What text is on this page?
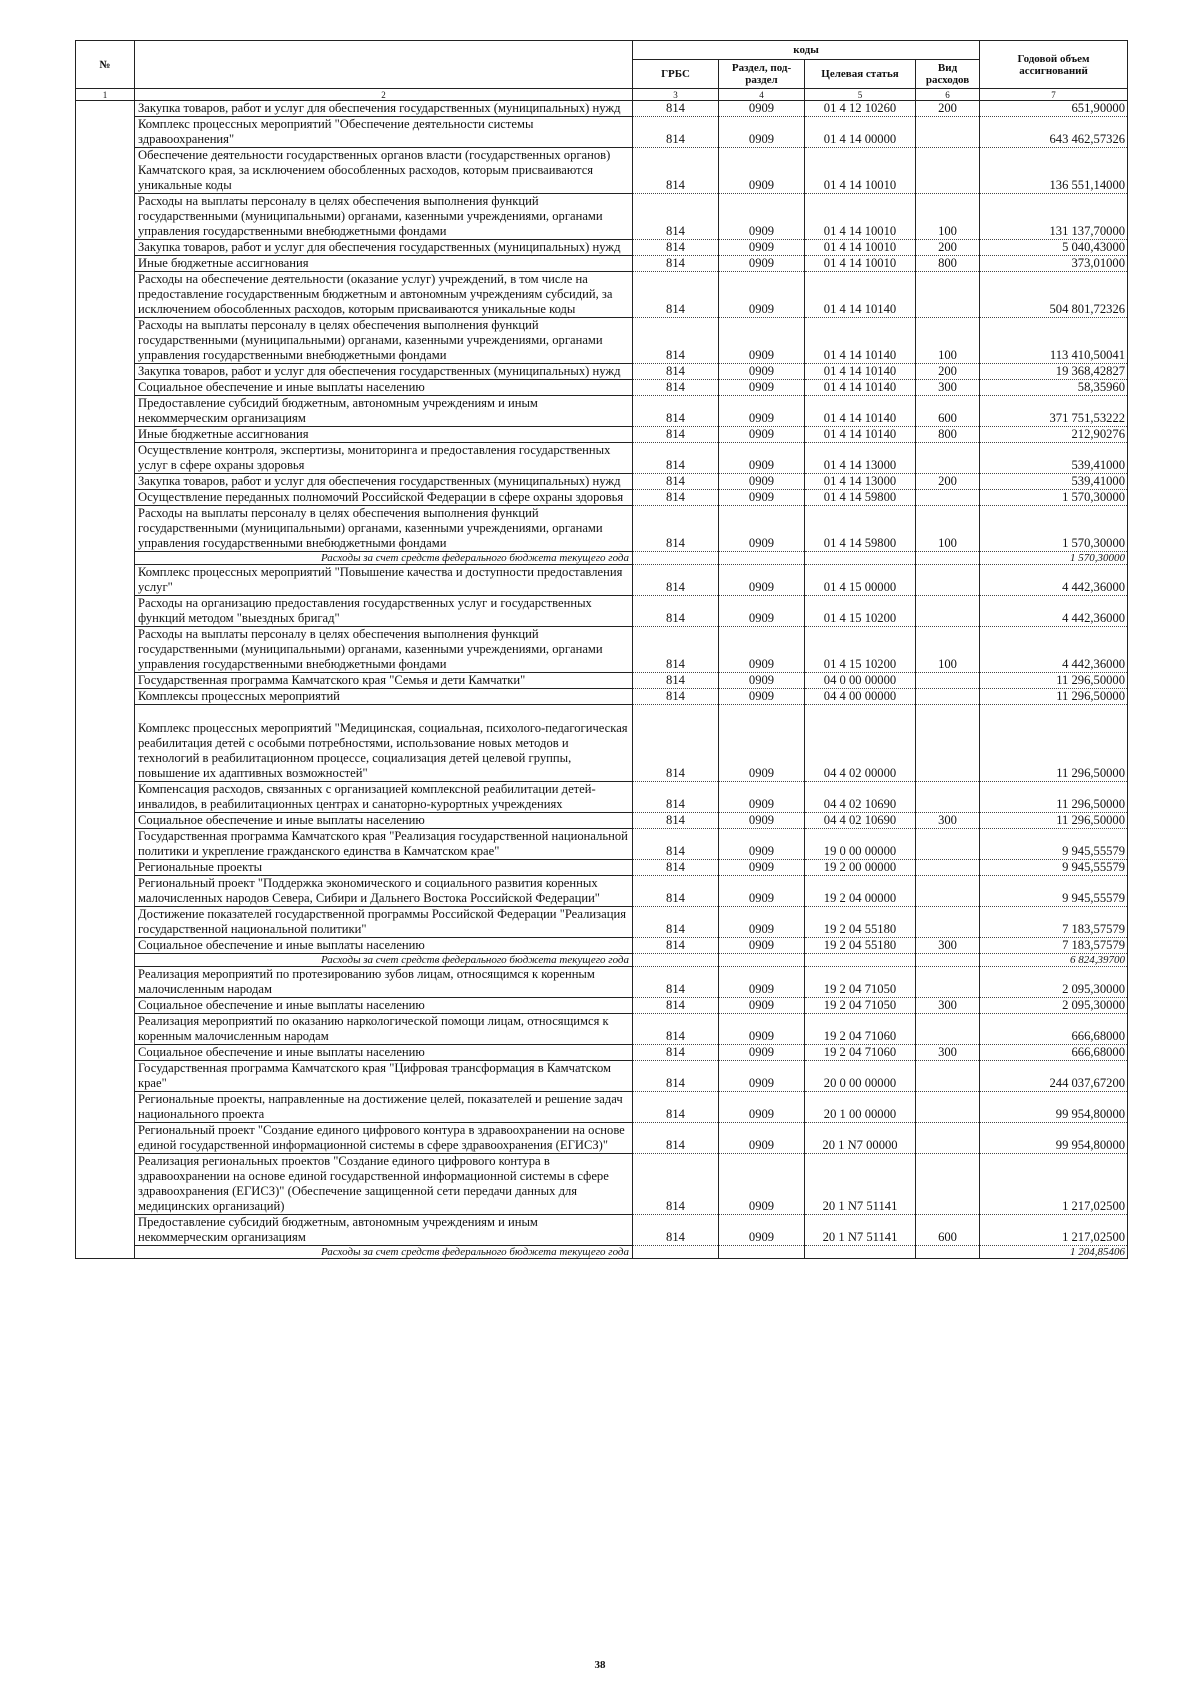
№		коды				Годовой объем ассигнований
		ГРБС	Раздел, под- раздел	Целевая статья	Вид расходов	
1	2	3	4	5	6	7
	Закупка товаров, работ и услуг для обеспечения государственных (муниципальных) нужд	814	0909	01 4 12 10260	200	651,90000
	Комплекс процессных мероприятий "Обеспечение деятельности системы здравоохранения"	814	0909	01 4 14 00000		643 462,57326
	Обеспечение деятельности государственных органов власти (государственных органов) Камчатского края, за исключением обособленных расходов, которым присваиваются уникальные коды	814	0909	01 4 14 10010		136 551,14000
	Расходы на выплаты персоналу в целях обеспечения выполнения функций государственными (муниципальными) органами, казенными учреждениями, органами управления государственными внебюджетными фондами	814	0909	01 4 14 10010	100	131 137,70000
	Закупка товаров, работ и услуг для обеспечения государственных (муниципальных) нужд	814	0909	01 4 14 10010	200	5 040,43000
	Иные бюджетные ассигнования	814	0909	01 4 14 10010	800	373,01000
	Расходы на обеспечение деятельности (оказание услуг) учреждений, в том числе на предоставление государственным бюджетным и автономным учреждениям субсидий, за исключением обособленных расходов, которым присваиваются уникальные коды	814	0909	01 4 14 10140		504 801,72326
	Расходы на выплаты персоналу в целях обеспечения выполнения функций государственными (муниципальными) органами, казенными учреждениями, органами управления государственными внебюджетными фондами	814	0909	01 4 14 10140	100	113 410,50041
	Закупка товаров, работ и услуг для обеспечения государственных (муниципальных) нужд	814	0909	01 4 14 10140	200	19 368,42827
	Социальное обеспечение и иные выплаты населению	814	0909	01 4 14 10140	300	58,35960
	Предоставление субсидий бюджетным, автономным учреждениям и иным некоммерческим организациям	814	0909	01 4 14 10140	600	371 751,53222
	Иные бюджетные ассигнования	814	0909	01 4 14 10140	800	212,90276
	Осуществление контроля, экспертизы, мониторинга и предоставления государственных услуг в сфере охраны здоровья	814	0909	01 4 14 13000		539,41000
	Закупка товаров, работ и услуг для обеспечения государственных (муниципальных) нужд	814	0909	01 4 14 13000	200	539,41000
	Осуществление переданных полномочий Российской Федерации в сфере охраны здоровья	814	0909	01 4 14 59800		1 570,30000
	Расходы на выплаты персоналу в целях обеспечения выполнения функций государственными (муниципальными) органами, казенными учреждениями, органами управления государственными внебюджетными фондами	814	0909	01 4 14 59800	100	1 570,30000
	Расходы за счет средств федерального бюджета текущего года					1 570,30000
	Комплекс процессных мероприятий "Повышение качества и доступности предоставления услуг"	814	0909	01 4 15 00000		4 442,36000
	Расходы на организацию предоставления государственных услуг и государственных функций методом "выездных бригад"	814	0909	01 4 15 10200		4 442,36000
	Расходы на выплаты персоналу в целях обеспечения выполнения функций государственными (муниципальными) органами, казенными учреждениями, органами управления государственными внебюджетными фондами	814	0909	01 4 15 10200	100	4 442,36000
	Государственная программа Камчатского края "Семья и дети Камчатки"	814	0909	04 0 00 00000		11 296,50000
	Комплексы процессных мероприятий	814	0909	04 4 00 00000		11 296,50000
	Комплекс процессных мероприятий "Медицинская, социальная, психолого-педагогическая реабилитация детей с особыми потребностями, использование новых методов и технологий в реабилитационном процессе, социализация детей целевой группы, повышение их адаптивных возможностей"	814	0909	04 4 02 00000		11 296,50000
	Компенсация расходов, связанных с организацией комплексной реабилитации детей-инвалидов, в реабилитационных центрах и санаторно-курортных учреждениях	814	0909	04 4 02 10690		11 296,50000
	Социальное обеспечение и иные выплаты населению	814	0909	04 4 02 10690	300	11 296,50000
	Государственная программа Камчатского края "Реализация государственной национальной политики и укрепление гражданского единства в Камчатском крае"	814	0909	19 0 00 00000		9 945,55579
	Региональные проекты	814	0909	19 2 00 00000		9 945,55579
	Региональный проект "Поддержка экономического и социального развития коренных малочисленных народов Севера, Сибири и Дальнего Востока Российской Федерации"	814	0909	19 2 04 00000		9 945,55579
	Достижение показателей государственной программы Российской Федерации "Реализация государственной национальной политики"	814	0909	19 2 04 55180		7 183,57579
	Социальное обеспечение и иные выплаты населению	814	0909	19 2 04 55180	300	7 183,57579
	Расходы за счет средств федерального бюджета текущего года					6 824,39700
	Реализация мероприятий по протезированию зубов лицам, относящимся к коренным малочисленным народам	814	0909	19 2 04 71050		2 095,30000
	Социальное обеспечение и иные выплаты населению	814	0909	19 2 04 71050	300	2 095,30000
	Реализация мероприятий по оказанию наркологической помощи лицам, относящимся к коренным малочисленным народам	814	0909	19 2 04 71060		666,68000
	Социальное обеспечение и иные выплаты населению	814	0909	19 2 04 71060	300	666,68000
	Государственная программа Камчатского края "Цифровая трансформация в Камчатском крае"	814	0909	20 0 00 00000		244 037,67200
	Региональные проекты, направленные на достижение целей, показателей и решение задач национального проекта	814	0909	20 1 00 00000		99 954,80000
	Региональный проект "Создание единого цифрового контура в здравоохранении на основе единой государственной информационной системы в сфере здравоохранения (ЕГИСЗ)"	814	0909	20 1 N7 00000		99 954,80000
	Реализация региональных проектов "Создание единого цифрового контура в здравоохранении на основе единой государственной информационной системы в сфере здравоохранения (ЕГИСЗ)" (Обеспечение защищенной сети передачи данных для медицинских организаций)	814	0909	20 1 N7 51141		1 217,02500
	Предоставление субсидий бюджетным, автономным учреждениям и иным некоммерческим организациям	814	0909	20 1 N7 51141	600	1 217,02500
	Расходы за счет средств федерального бюджета текущего года					1 204,85406
38
